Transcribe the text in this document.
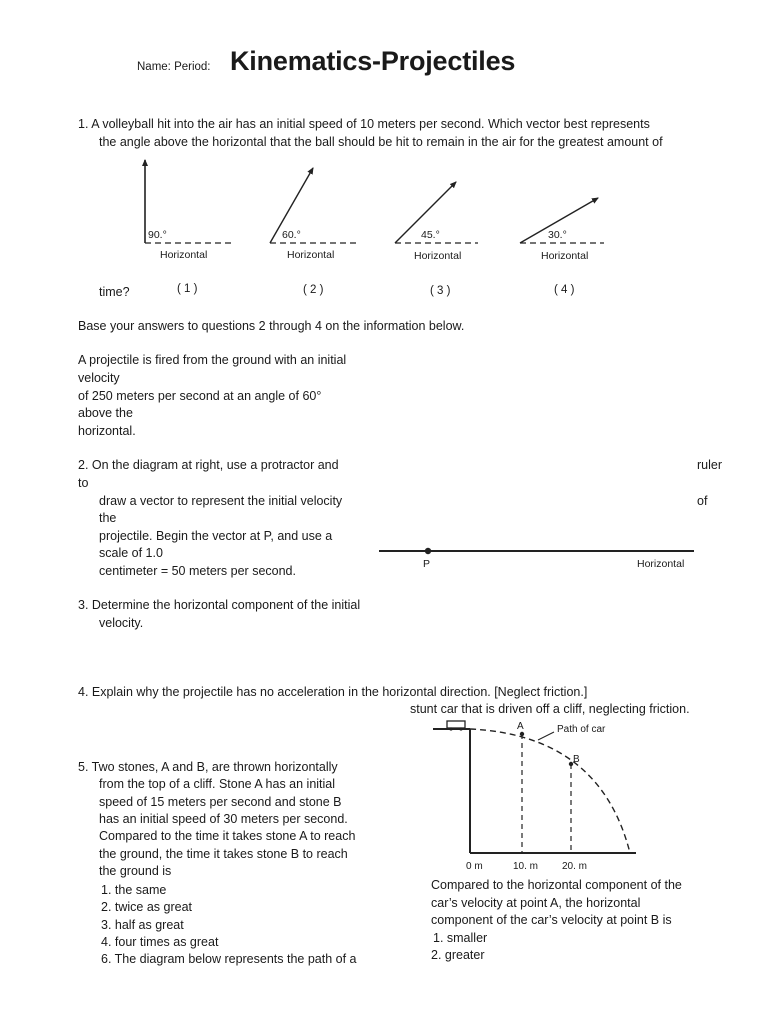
Name: Period: Kinematics-Projectiles
1. A volleyball hit into the air has an initial speed of 10 meters per second. Which vector best represents
the angle above the horizontal that the ball should be hit to remain in the air for the greatest amount of
90.°	60.°	45.°	30.°
Horizontal	Horizontal	Horizontal	Horizontal
time?	( 1 )	( 2 )	( 3 )	( 4 )
Base your answers to questions 2 through 4 on the information below.
A projectile is fired from the ground with an initial
velocity
of 250 meters per second at an angle of 60°
above the
horizontal.
2. On the diagram at right, use a protractor and	ruler
to
draw a vector to represent the initial velocity	of
the
projectile. Begin the vector at P, and use a
scale of 1.0
centimeter = 50 meters per second.	P	Horizontal
3. Determine the horizontal component of the initial
velocity.
4. Explain why the projectile has no acceleration in the horizontal direction. [Neglect friction.]
stunt car that is driven off a cliff, neglecting friction.
A
B
Path of car
0 m	10. m 20. m
5. Two stones, A and B, are thrown horizontally
from the top of a cliff. Stone A has an initial
speed of 15 meters per second and stone B
has an initial speed of 30 meters per second.
Compared to the time it takes stone A to reach
the ground, the time it takes stone B to reach
the ground is
1. the same
2. twice as great
3. half as great
4. four times as great
6. The diagram below represents the path of a
Compared to the horizontal component of the
car’s velocity at point A, the horizontal
component of the car’s velocity at point B is
1. smaller
2. greater
